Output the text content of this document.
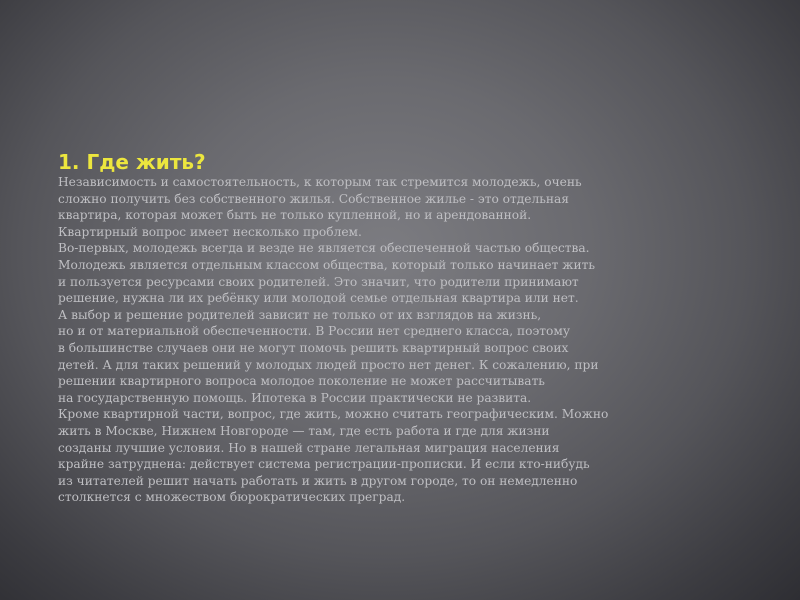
1. Где жить?
Независимость и самостоятельность, к которым так стремится молодежь, очень
сложно получить без собственного жилья. Собственное жилье - это отдельная
квартира, которая может быть не только купленной, но и арендованной.
Квартирный вопрос имеет несколько проблем.
Во-первых, молодежь всегда и везде не является обеспеченной частью общества.
Молодежь является отдельным классом общества, который только начинает жить
и пользуется ресурсами своих родителей. Это значит, что родители принимают
решение, нужна ли их ребёнку или молодой семье отдельная квартира или нет.
А выбор и решение родителей зависит не только от их взглядов на жизнь,
но и от материальной обеспеченности. В России нет среднего класса, поэтому
в большинстве случаев они не могут помочь решить квартирный вопрос своих
детей. А для таких решений у молодых людей просто нет денег. К сожалению, при
решении квартирного вопроса молодое поколение не может рассчитывать
на государственную помощь. Ипотека в России практически не развита.
Кроме квартирной части, вопрос, где жить, можно считать географическим. Можно
жить в Москве, Нижнем Новгороде — там, где есть работа и где для жизни
созданы лучшие условия. Но в нашей стране легальная миграция населения
крайне затруднена: действует система регистрации-прописки. И если кто-нибудь
из читателей решит начать работать и жить в другом городе, то он немедленно
столкнется с множеством бюрократических преград.
